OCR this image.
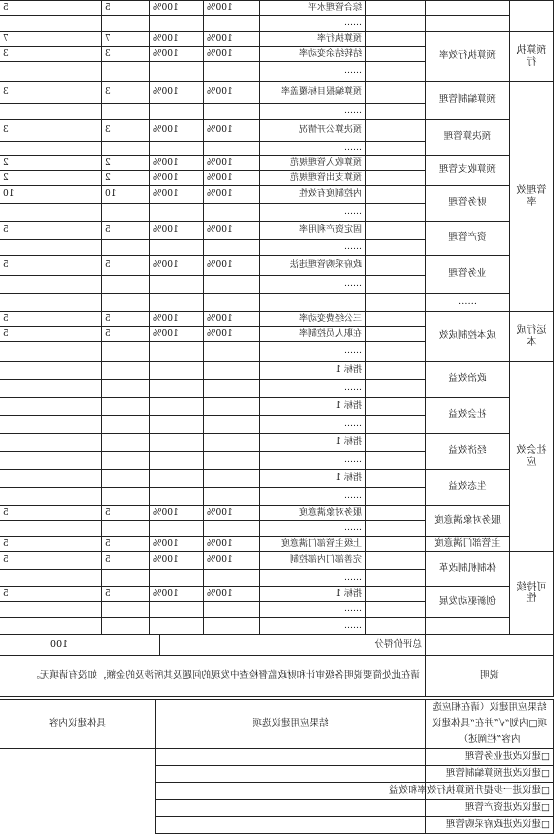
			综合管理水平	100%	100%	5	5
			……				
预算执行	预算执行效率		预算执行率	100%	100%	7	7
			结转结余变动率	100%	100%	3	3
			……				
管理效率	预算编制管理		预算编报目标覆盖率	100%	100%	3	3
			……				
	预决算管理		预决算公开情况	100%	100%	3	3
			……				
	预算收支管理		预算收入管理规范	100%	100%	2	2
			预算支出管理规范	100%	100%	2	2
	财务管理		内控制度有效性	100%	100%	10	10
			……				
	资产管理		固定资产利用率	100%	100%	5	5
			……				
	业务管理		政府采购管理违法	100%	100%	5	5
			……				
	……						
运行成本	成本控制成效		三公经费变动率	100%	100%	5	5
			在职人员控制率	100%	100%	5	5
			……				
社会效应	政治效益		指标 1				
			……				
	社会效益		指标 1				
			……				
	经济效益		指标 1				
			……				
	生态效益		指标 1				
			……				
	服务对象满意度		服务对象满意度	100%	100%	5	5
			……				
	主管部门满意度		上级主管部门满意度	100%	100%	5	5
可持续性	体制机制改革		完善部门内部控制	100%	100%	5	5
			……				
	创新驱动发展		指标 1	100%	100%	5	5
			……				
			……				
	总评价得分	100
说明	请在此处简要说明各级审计和财政监督检查中发现的问题及其所涉及的金额，如没有请填无。	
结果应用建议（请在相应选项□内划“√”并在“具体建议内容”栏阐述）	结果应用建议选项	具体建议内容
□建议改进业务管理		
□建议改进预算编制管理		
□建议进一步提升预算执行效率和效益		
□建议改进资产管理		
□建议改进政府采购管理		
